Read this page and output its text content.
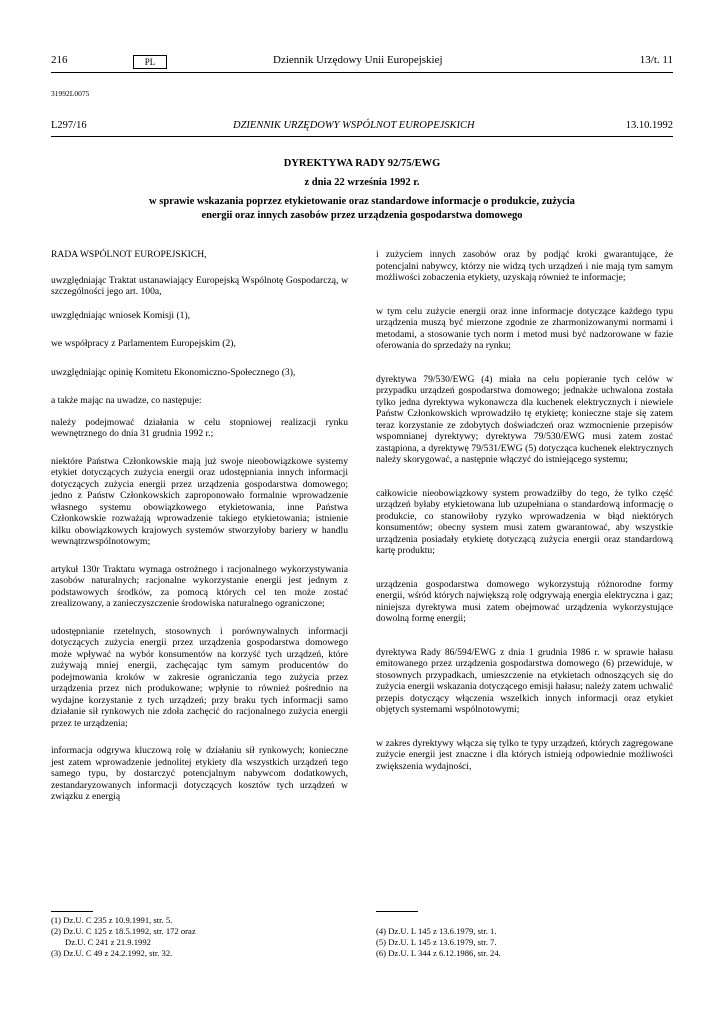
216	PL	Dziennik Urzędowy Unii Europejskiej	13/t. 11
31992L0075
L297/16	DZIENNIK URZĘDOWY WSPÓLNOT EUROPEJSKICH	13.10.1992
DYREKTYWA RADY 92/75/EWG
z dnia 22 września 1992 r.
w sprawie wskazania poprzez etykietowanie oraz standardowe informacje o produkcie, zużycia
energii oraz innych zasobów przez urządzenia gospodarstwa domowego

RADA WSPÓLNOT EUROPEJSKICH,

uwzględniając Traktat ustanawiający Europejską Wspólnotę Gospodarczą, w szczególności jego art. 100a,

uwzględniając wniosek Komisji (1),

we współpracy z Parlamentem Europejskim (2),

uwzględniając opinię Komitetu Ekonomiczno-Społecznego (3),

a także mając na uwadze, co następuje:

należy podejmować działania w celu stopniowej realizacji rynku wewnętrznego do dnia 31 grudnia 1992 r.;

niektóre Państwa Członkowskie mają już swoje nieobowiązkowe systemy etykiet dotyczących zużycia energii oraz udostępniania innych informacji dotyczących zużycia energii przez urządzenia gospodarstwa domowego; jedno z Państw Członkowskich zaproponowało formalnie wprowadzenie własnego systemu obowiązkowego etykietowania, inne Państwa Członkowskie rozważają wprowadzenie takiego etykietowania; istnienie kilku obowiązkowych krajowych systemów stworzyłoby bariery w handlu wewnątrzwspólnotowym;

artykuł 130r Traktatu wymaga ostrożnego i racjonalnego wykorzystywania zasobów naturalnych; racjonalne wykorzystanie energii jest jednym z podstawowych środków, za pomocą których cel ten może zostać zrealizowany, a zanieczyszczenie środowiska naturalnego ograniczone;

udostępnianie rzetelnych, stosownych i porównywalnych informacji dotyczących zużycia energii przez urządzenia gospodarstwa domowego może wpływać na wybór konsumentów na korzyść tych urządzeń, które zużywają mniej energii, zachęcając tym samym producentów do podejmowania kroków w zakresie ograniczania tego zużycia przez urządzenia przez nich produkowane; wpłynie to również pośrednio na wydajne korzystanie z tych urządzeń; przy braku tych informacji samo działanie sił rynkowych nie zdoła zachęcić do racjonalnego zużycia energii przez te urządzenia;

informacja odgrywa kluczową rolę w działaniu sił rynkowych; konieczne jest zatem wprowadzenie jednolitej etykiety dla wszystkich urządzeń tego samego typu, by dostarczyć potencjalnym nabywcom dodatkowych, zestandaryzowanych informacji dotyczących kosztów tych urządzeń w związku z energią

i zużyciem innych zasobów oraz by podjąć kroki gwarantujące, że potencjalni nabywcy, którzy nie widzą tych urządzeń i nie mają tym samym możliwości zobaczenia etykiety, uzyskają również te informacje;

w tym celu zużycie energii oraz inne informacje dotyczące każdego typu urządzenia muszą być mierzone zgodnie ze zharmonizowanymi normami i metodami, a stosowanie tych norm i metod musi być nadzorowane w fazie oferowania do sprzedaży na rynku;

dyrektywa 79/530/EWG (4) miała na celu popieranie tych celów w przypadku urządzeń gospodarstwa domowego; jednakże uchwalona została tylko jedna dyrektywa wykonawcza dla kuchenek elektrycznych i niewiele Państw Członkowskich wprowadziło tę etykietę; konieczne staje się zatem teraz korzystanie ze zdobytych doświadczeń oraz wzmocnienie przepisów wspomnianej dyrektywy; dyrektywa 79/530/EWG musi zatem zostać zastąpiona, a dyrektywę 79/531/EWG (5) dotycząca kuchenek elektrycznych należy skorygować, a następnie włączyć do istniejącego systemu;

całkowicie nieobowiązkowy system prowadziłby do tego, że tylko część urządzeń byłaby etykietowana lub uzupełniana o standardową informację o produkcie, co stanowiłoby ryzyko wprowadzenia w błąd niektórych konsumentów; obecny system musi zatem gwarantować, aby wszystkie urządzenia posiadały etykietę dotyczącą zużycia energii oraz standardową kartę produktu;

urządzenia gospodarstwa domowego wykorzystują różnorodne formy energii, wśród których największą rolę odgrywają energia elektryczna i gaz; niniejsza dyrektywa musi zatem obejmować urządzenia wykorzystujące dowolną formę energii;

dyrektywa Rady 86/594/EWG z dnia 1 grudnia 1986 r. w sprawie hałasu emitowanego przez urządzenia gospodarstwa domowego (6) przewiduje, w stosownych przypadkach, umieszczenie na etykietach odnoszących się do zużycia energii wskazania dotyczącego emisji hałasu; należy zatem uchwalić przepis dotyczący włączenia wszelkich innych informacji oraz etykiet objętych systemami wspólnotowymi;

w zakres dyrektywy włącza się tylko te typy urządzeń, których zagregowane zużycie energii jest znaczne i dla których istnieją odpowiednie możliwości zwiększenia wydajności,

(1) Dz.U. C 235 z 10.9.1991, str. 5.
(2) Dz.U. C 125 z 18.5.1992, str. 172 oraz
Dz.U. C 241 z 21.9.1992
(3) Dz.U. C 49 z 24.2.1992, str. 32.
(4) Dz.U. L 145 z 13.6.1979, str. 1.
(5) Dz.U. L 145 z 13.6.1979, str. 7.
(6) Dz.U. L 344 z 6.12.1986, str. 24.
